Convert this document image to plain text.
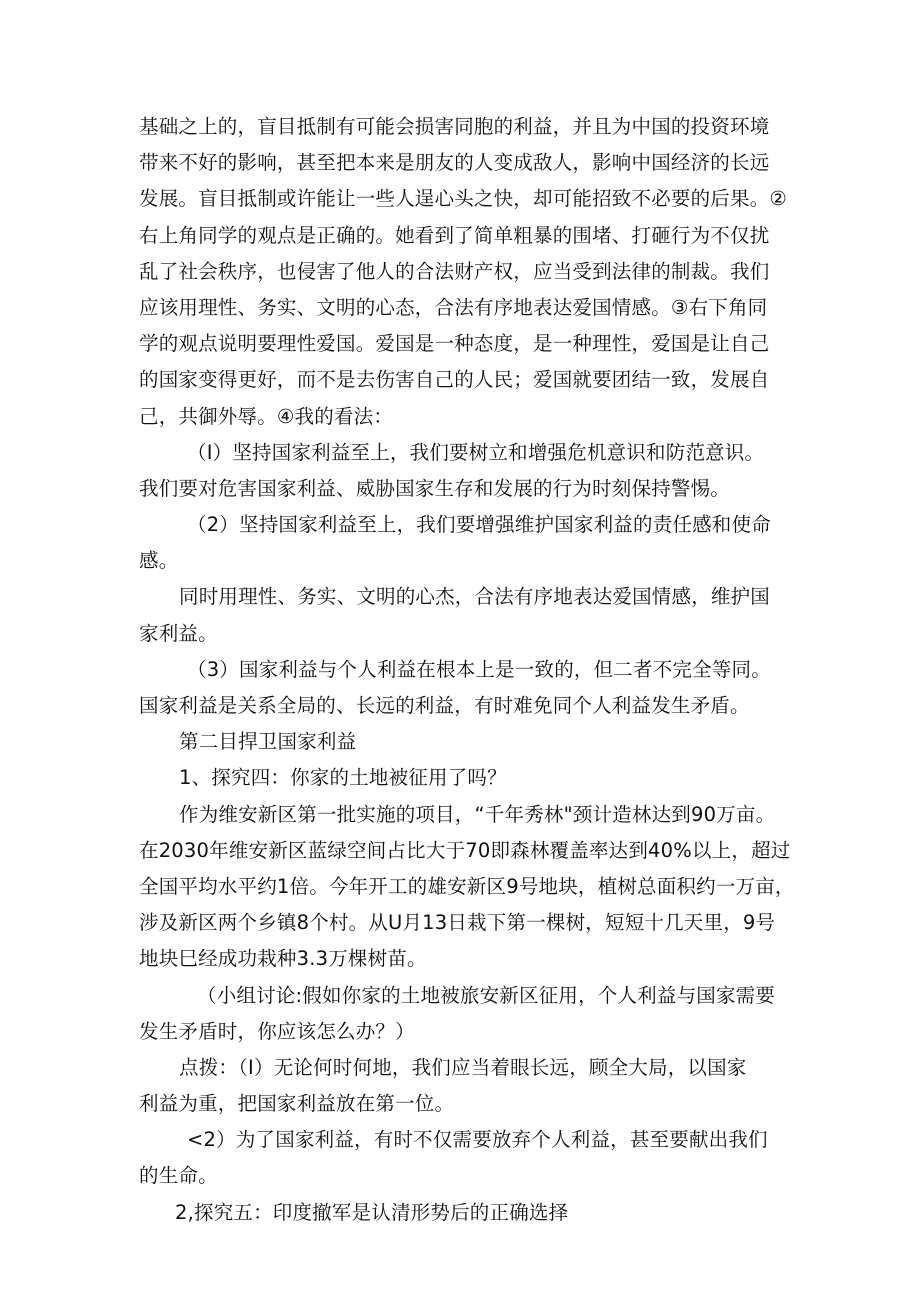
基础之上的，盲目抵制有可能会损害同胞的利益，并且为中国的投资环境
带来不好的影响，甚至把本来是朋友的人变成敌人，影响中国经济的长远
发展。盲目抵制或许能让一些人逞心头之快，却可能招致不必要的后果。②
右上角同学的观点是正确的。她看到了简单粗暴的围堵、打砸行为不仅扰
乱了社会秩序，也侵害了他人的合法财产权，应当受到法律的制裁。我们
应该用理性、务实、文明的心态，合法有序地表达爱国情感。③右下角同
学的观点说明要理性爱国。爱国是一种态度，是一种理性，爱国是让自己
的国家变得更好，而不是去伤害自己的人民；爱国就要团结一致，发展自
己，共御外辱。④我的看法：
（I）坚持国家利益至上，我们要树立和增强危机意识和防范意识。
我们要对危害国家利益、威胁国家生存和发展的行为时刻保持警惕。
（2）坚持国家利益至上，我们要增强维护国家利益的责任感和使命
感。
同时用理性、务实、文明的心杰，合法有序地表达爱国情感，维护国
家利益。
（3）国家利益与个人利益在根本上是一致的，但二者不完全等同。
国家利益是关系全局的、长远的利益，有时难免同个人利益发生矛盾。
第二目捍卫国家利益
1、探究四：你家的土地被征用了吗？
作为维安新区第一批实施的项目，“千年秀林"颈计造林达到90万亩。
在2030年维安新区蓝绿空间占比大于70即森林覆盖率达到40%以上，超过
全国平均水平约1倍。今年开工的雄安新区9号地块，植树总面积约一万亩，
涉及新区两个乡镇8个村。从U月13日栽下第一棵树，短短十几天里，9号
地块巳经成功栽种3.3万棵树苗。
（小组讨论:假如你家的土地被旅安新区征用，个人利益与国家需要
发生矛盾时，你应该怎么办？）
点拨：（I）无论何时何地，我们应当着眼长远，顾全大局，以国家
利益为重，把国家利益放在第一位。
<2）为了国家利益，有时不仅需要放弃个人利益，甚至要献出我们
的生命。
2,探究五：印度撤军是认清形势后的正确选择
